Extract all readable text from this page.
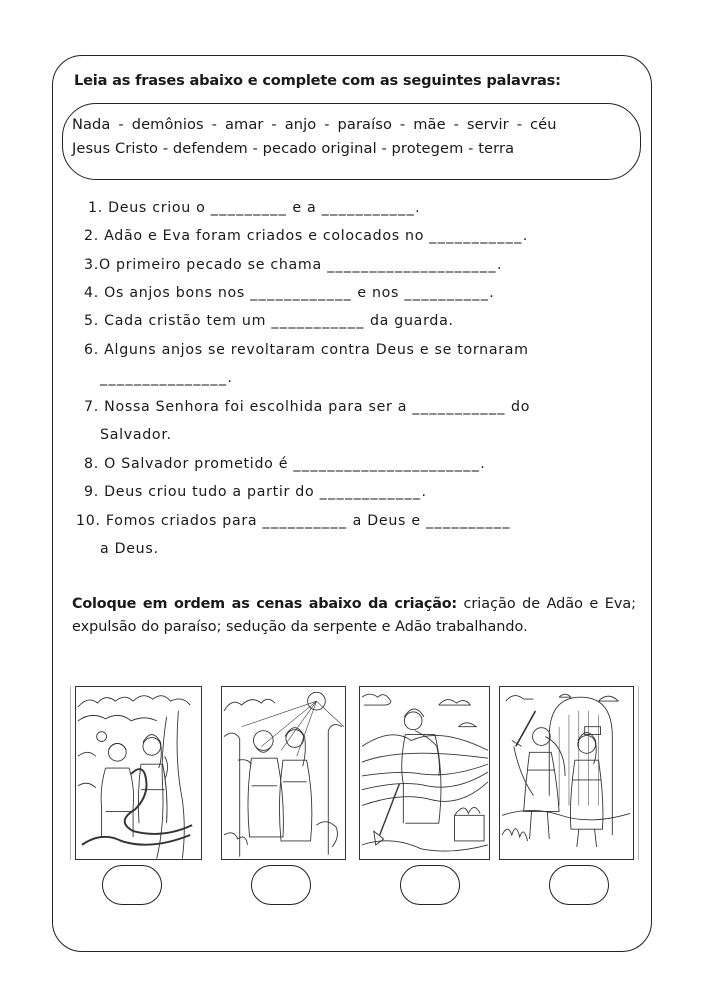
Leia as frases abaixo e complete com as seguintes palavras:
Nada - demônios - amar - anjo - paraíso - mãe - servir - céu
Jesus Cristo - defendem - pecado original - protegem - terra
1. Deus criou o _________ e a ___________.
2. Adão e Eva foram criados e colocados no ___________.
3.O primeiro pecado se chama ____________________.
4. Os anjos bons nos ____________ e nos __________.
5. Cada cristão tem um ___________ da guarda.
6. Alguns anjos se revoltaram contra Deus e se tornaram
_______________.
7. Nossa Senhora foi escolhida para ser a ___________ do
Salvador.
8. O Salvador prometido é ______________________.
9. Deus criou tudo a partir do ____________.
10. Fomos criados para __________ a Deus e __________
a Deus.
Coloque em ordem as cenas abaixo da criação: criação de Adão e Eva; expulsão do paraíso; sedução da serpente e Adão trabalhando.
